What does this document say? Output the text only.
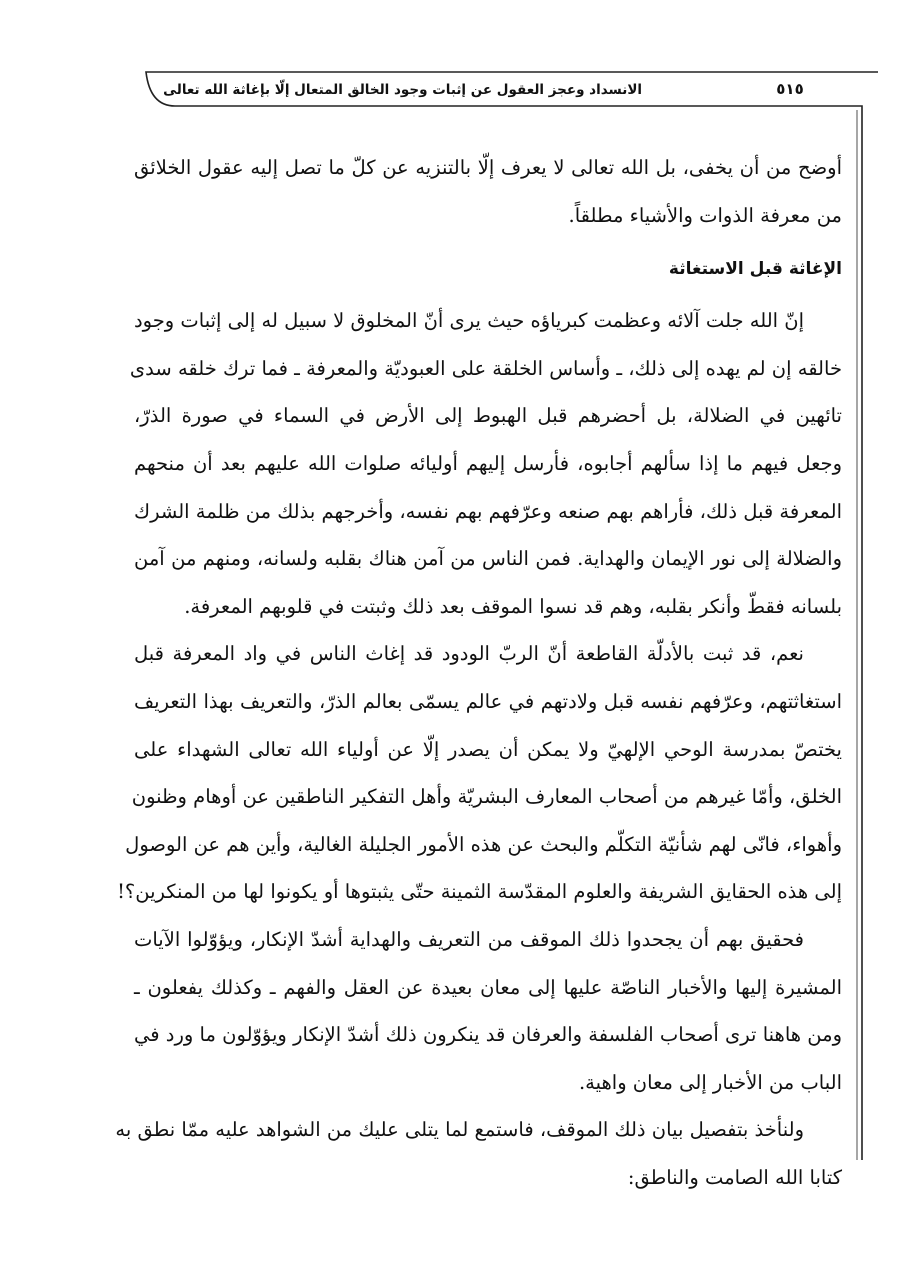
٥١٥
الانسداد وعجز العقول عن إثبات وجود الخالق المتعال إلّا بإغاثة الله تعالى
أوضح من أن يخفى، بل الله تعالى لا يعرف إلّا بالتنزيه عن كلّ ما تصل إليه عقول الخلائق
من معرفة الذوات والأشياء مطلقاً.
الإغاثة قبل الاستغاثة
إنّ الله جلت آلائه وعظمت كبرياؤه حيث يرى أنّ المخلوق لا سبيل له إلى إثبات وجود
خالقه إن لم يهده إلى ذلك، ـ وأساس الخلقة على العبوديّة والمعرفة ـ فما ترك خلقه سدى
تائهين في الضلالة، بل أحضرهم قبل الهبوط إلى الأرض في السماء في صورة الذرّ،
وجعل فيهم ما إذا سألهم أجابوه، فأرسل إليهم أوليائه صلوات الله عليهم بعد أن منحهم
المعرفة قبل ذلك، فأراهم بهم صنعه وعرّفهم بهم نفسه، وأخرجهم بذلك من ظلمة الشرك
والضلالة إلى نور الإيمان والهداية. فمن الناس من آمن هناك بقلبه ولسانه، ومنهم من آمن
بلسانه فقطّ وأنكر بقلبه، وهم قد نسوا الموقف بعد ذلك وثبتت في قلوبهم المعرفة.
نعم، قد ثبت بالأدلّة القاطعة أنّ الربّ الودود قد إغاث الناس في واد المعرفة قبل
استغاثتهم، وعرّفهم نفسه قبل ولادتهم في عالم يسمّى بعالم الذرّ، والتعريف بهذا التعريف
يختصّ بمدرسة الوحي الإلهيّ ولا يمكن أن يصدر إلّا عن أولياء الله تعالى الشهداء على
الخلق، وأمّا غيرهم من أصحاب المعارف البشريّة وأهل التفكير الناطقين عن أوهام وظنون
وأهواء، فانّى لهم شأنيّة التكلّم والبحث عن هذه الأمور الجليلة الغالية، وأين هم عن الوصول
إلى هذه الحقايق الشريفة والعلوم المقدّسة الثمينة حتّى يثبتوها أو يكونوا لها من المنكرين؟!
فحقيق بهم أن يجحدوا ذلك الموقف من التعريف والهداية أشدّ الإنكار، ويؤوّلوا الآيات
المشيرة إليها والأخبار الناصّة عليها إلى معان بعيدة عن العقل والفهم ـ وكذلك يفعلون ـ
ومن هاهنا ترى أصحاب الفلسفة والعرفان قد ينكرون ذلك أشدّ الإنكار ويؤوّلون ما ورد في
الباب من الأخبار إلى معان واهية.
ولنأخذ بتفصيل بيان ذلك الموقف، فاستمع لما يتلى عليك من الشواهد عليه ممّا نطق به
كتابا الله الصامت والناطق:
